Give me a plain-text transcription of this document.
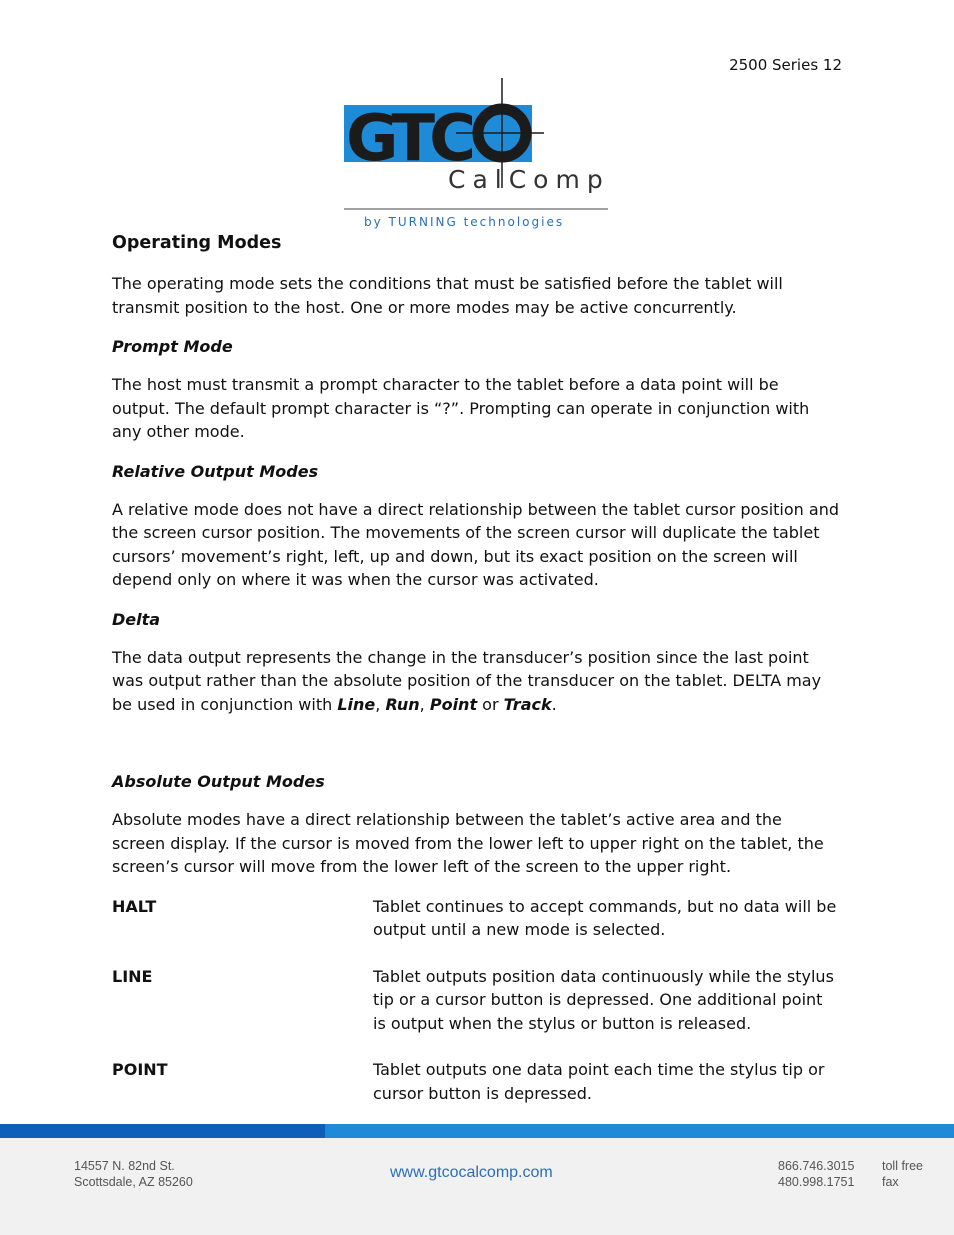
2500 Series 12
GTC
CalComp
by TURNING technologies
Operating Modes

The operating mode sets the conditions that must be satisfied before the tablet will transmit position to the host. One or more modes may be active concurrently.

Prompt Mode

The host must transmit a prompt character to the tablet before a data point will be output. The default prompt character is “?”. Prompting can operate in conjunction with any other mode.

Relative Output Modes

A relative mode does not have a direct relationship between the tablet cursor position and the screen cursor position. The movements of the screen cursor will duplicate the tablet cursors’ movement’s right, left, up and down, but its exact position on the screen will depend only on where it was when the cursor was activated.

Delta

The data output represents the change in the transducer’s position since the last point was output rather than the absolute position of the transducer on the tablet. DELTA may be used in conjunction with Line, Run, Point or Track.

Absolute Output Modes

Absolute modes have a direct relationship between the tablet’s active area and the screen display. If the cursor is moved from the lower left to upper right on the tablet, the screen’s cursor will move from the lower left of the screen to the upper right.

HALT	Tablet continues to accept commands, but no data will be output until a new mode is selected.
LINE	Tablet outputs position data continuously while the stylus tip or a cursor button is depressed. One additional point is output when the stylus or button is released.
POINT	Tablet outputs one data point each time the stylus tip or cursor button is depressed.
14557 N. 82nd St.
Scottsdale, AZ 85260
www.gtcocalcomp.com	866.746.3015	toll free
480.998.1751	fax
